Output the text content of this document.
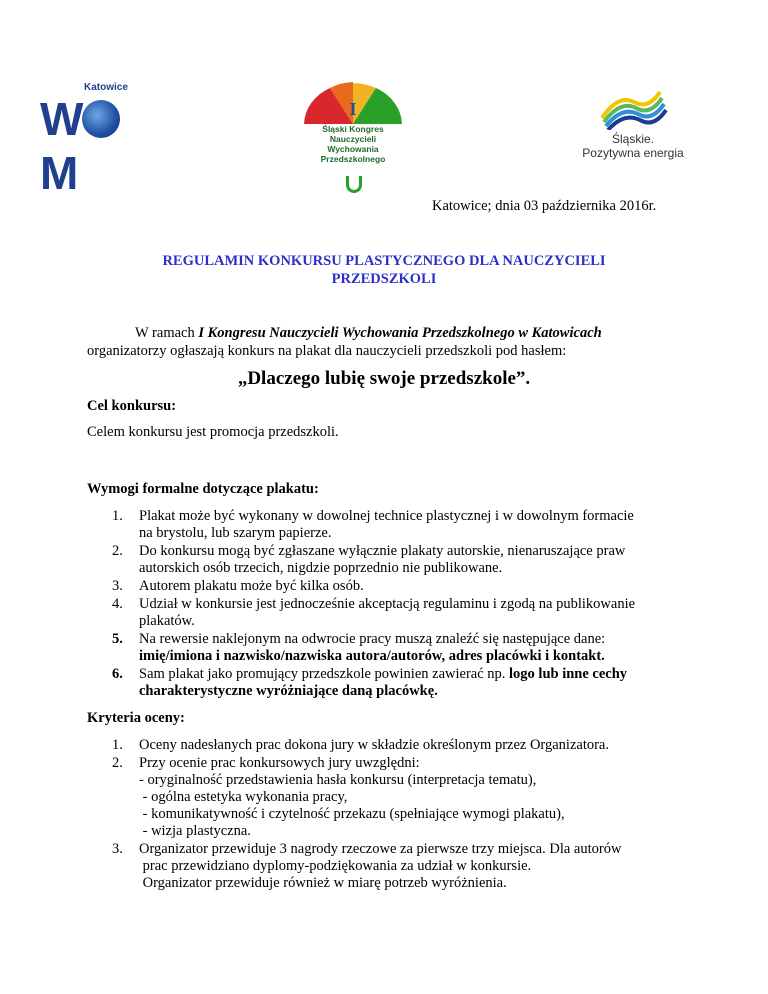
Katowice
WM
I
Śląski Kongres
Nauczycieli
Wychowania
Przedszkolnego
Śląskie.
Pozytywna energia
Katowice; dnia 03 października 2016r.
REGULAMIN KONKURSU PLASTYCZNEGO DLA NAUCZYCIELI
PRZEDSZKOLI
W ramach I Kongresu Nauczycieli Wychowania Przedszkolnego w Katowicach
organizatorzy ogłaszają konkurs na plakat dla nauczycieli przedszkoli pod hasłem:
„Dlaczego lubię swoje przedszkole”.
Cel konkursu:
Celem konkursu jest promocja przedszkoli.
Wymogi formalne dotyczące plakatu:
1. Plakat może być wykonany w dowolnej technice plastycznej i w dowolnym formacie
na brystolu, lub szarym papierze.
2. Do konkursu mogą być zgłaszane wyłącznie plakaty autorskie, nienaruszające praw
autorskich osób trzecich, nigdzie poprzednio nie publikowane.
3. Autorem plakatu może być kilka osób.
4. Udział w konkursie jest jednocześnie akceptacją regulaminu i zgodą na publikowanie
plakatów.
5. Na rewersie naklejonym na odwrocie pracy muszą znaleźć się następujące dane:
imię/imiona i nazwisko/nazwiska autora/autorów, adres placówki i kontakt.
6. Sam plakat jako promujący przedszkole powinien zawierać np. logo lub inne cechy
charakterystyczne wyróżniające daną placówkę.
Kryteria oceny:
1. Oceny nadesłanych prac dokona jury w składzie określonym przez Organizatora.
2. Przy ocenie prac konkursowych jury uwzględni:
- oryginalność przedstawienia hasła konkursu (interpretacja tematu),
- ogólna estetyka wykonania pracy,
- komunikatywność i czytelność przekazu (spełniające wymogi plakatu),
- wizja plastyczna.
3. Organizator przewiduje 3 nagrody rzeczowe za pierwsze trzy miejsca. Dla autorów
prac przewidziano dyplomy-podziękowania za udział w konkursie.
Organizator przewiduje również w miarę potrzeb wyróżnienia.
